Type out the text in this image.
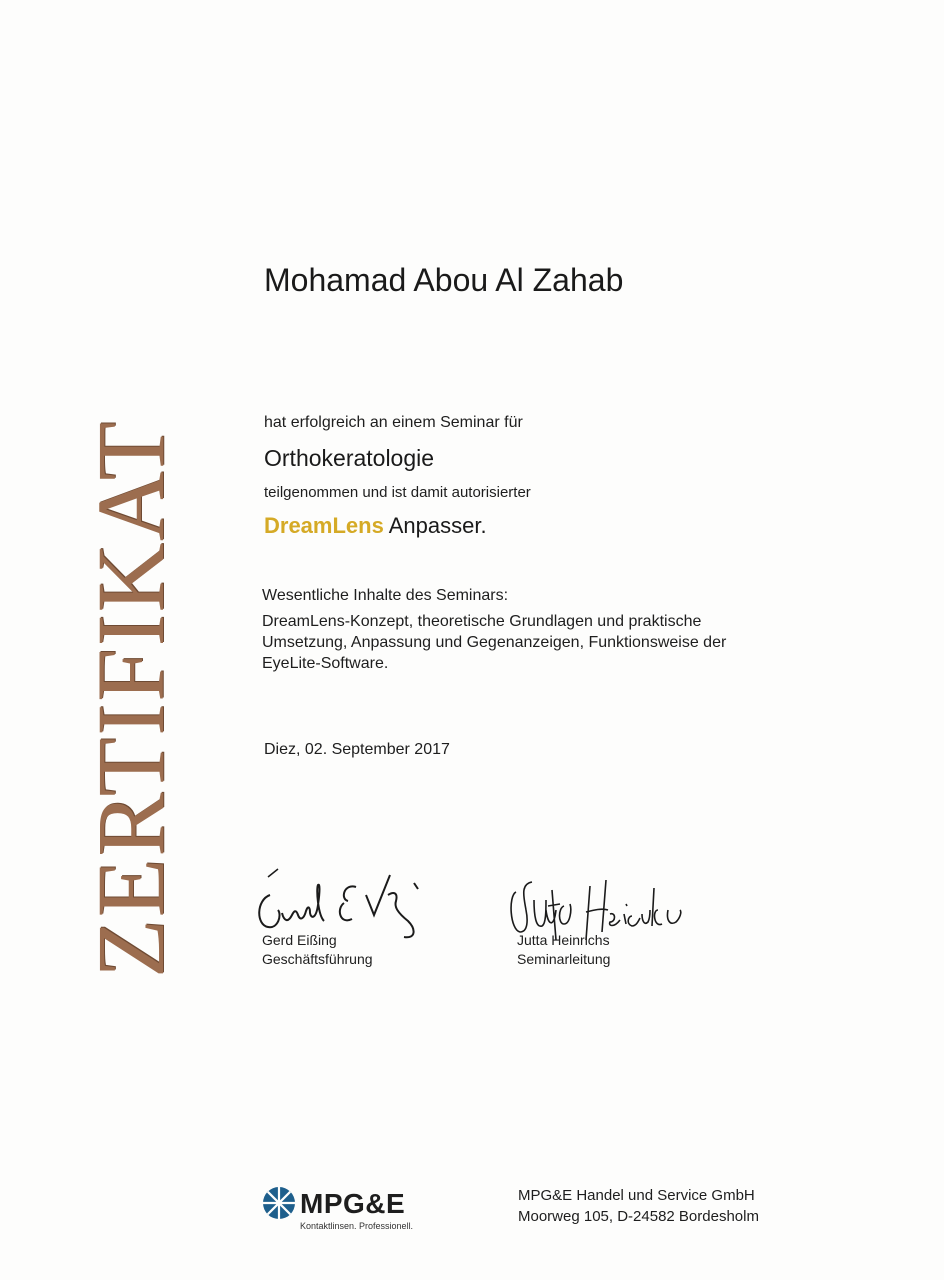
ZERTIFIKAT
Mohamad Abou Al Zahab
hat erfolgreich an einem Seminar für
Orthokeratologie
teilgenommen und ist damit autorisierter
DreamLens Anpasser.
Wesentliche Inhalte des Seminars:
DreamLens-Konzept, theoretische Grundlagen und praktische Umsetzung, Anpassung und Gegenanzeigen, Funktionsweise der EyeLite-Software.
Diez, 02. September 2017
Gerd Eißing
Geschäftsführung
Jutta Heinrichs
Seminarleitung
MPG&E
Kontaktlinsen. Professionell.
MPG&E Handel und Service GmbH
Moorweg 105, D-24582 Bordesholm
